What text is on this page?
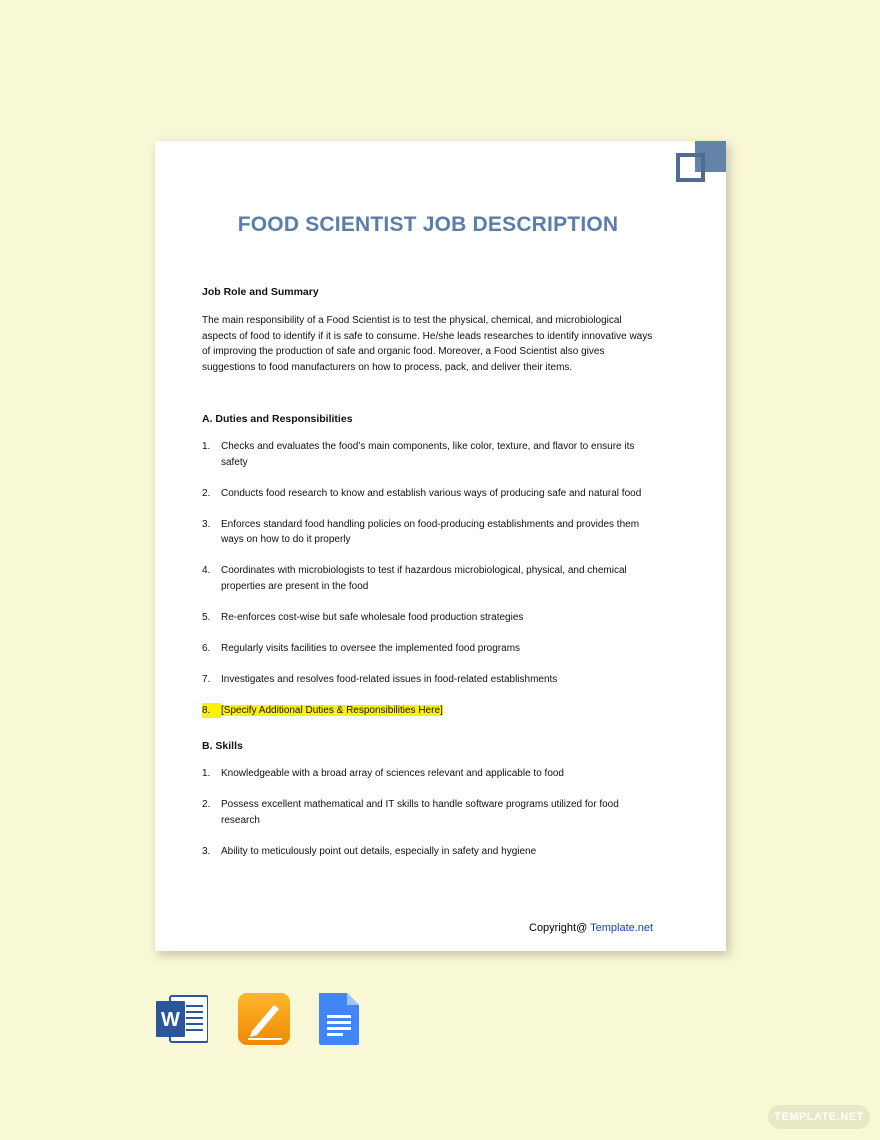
FOOD SCIENTIST JOB DESCRIPTION

Job Role and Summary

The main responsibility of a Food Scientist is to test the physical, chemical, and microbiological aspects of food to identify if it is safe to consume. He/she leads researches to identify innovative ways of improving the production of safe and organic food. Moreover, a Food Scientist also gives suggestions to food manufacturers on how to process, pack, and deliver their items.

A. Duties and Responsibilities

1.	Checks and evaluates the food’s main components, like color, texture, and flavor to ensure its safety
2.	Conducts food research to know and establish various ways of producing safe and natural food
3.	Enforces standard food handling policies on food-producing establishments and provides them ways on how to do it properly
4.	Coordinates with microbiologists to test if hazardous microbiological, physical, and chemical properties are present in the food
5.	Re-enforces cost-wise but safe wholesale food production strategies
6.	Regularly visits facilities to oversee the implemented food programs
7.	Investigates and resolves food-related issues in food-related establishments
8.	[Specify Additional Duties & Responsibilities Here]

B. Skills

1.	Knowledgeable with a broad array of sciences relevant and applicable to food
2.	Possess excellent mathematical and IT skills to handle software programs utilized for food research
3.	Ability to meticulously point out details, especially in safety and hygiene
Copyright@ Template.net
W
TEMPLATE.NET
